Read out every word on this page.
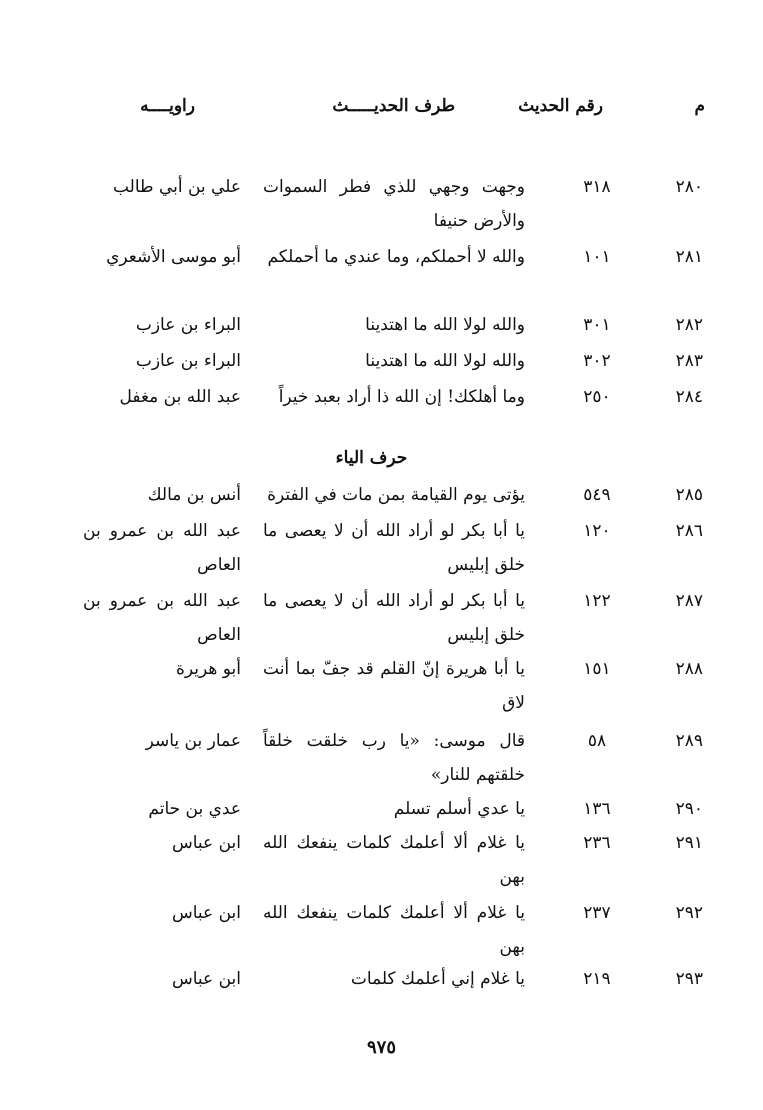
م
رقم الحديث
طرف الحديـــــث
راويــــه
٢٨٠
٣١٨
وجهت وجهي للذي فطر السموات والأرض حنيفا
علي بن أبي طالب
٢٨١
١٠١
والله لا أحملكم، وما عندي ما أحملكم
أبو موسى الأشعري
٢٨٢
٣٠١
والله لولا الله ما اهتدينا
البراء بن عازب
٢٨٣
٣٠٢
والله لولا الله ما اهتدينا
البراء بن عازب
٢٨٤
٢٥٠
وما أهلكك! إن الله ذا أراد بعبد خيراً
عبد الله بن مغفل
حرف الياء
٢٨٥
٥٤٩
يؤتى يوم القيامة بمن مات في الفترة
أنس بن مالك
٢٨٦
١٢٠
يا أبا بكر لو أراد الله أن لا يعصى ما خلق إبليس
عبد الله بن عمرو بن العاص
٢٨٧
١٢٢
يا أبا بكر لو أراد الله أن لا يعصى ما خلق إبليس
عبد الله بن عمرو بن العاص
٢٨٨
١٥١
يا أبا هريرة إنّ القلم قد جفّ بما أنت لاق
أبو هريرة
٢٨٩
٥٨
قال موسى: «يا رب خلقت خلقاً خلقتهم للنار»
عمار بن ياسر
٢٩٠
١٣٦
يا عدي أسلم تسلم
عدي بن حاتم
٢٩١
٢٣٦
يا غلام ألا أعلمك كلمات ينفعك الله بهن
ابن عباس
٢٩٢
٢٣٧
يا غلام ألا أعلمك كلمات ينفعك الله بهن
ابن عباس
٢٩٣
٢١٩
يا غلام إني أعلمك كلمات
ابن عباس
٩٧٥
